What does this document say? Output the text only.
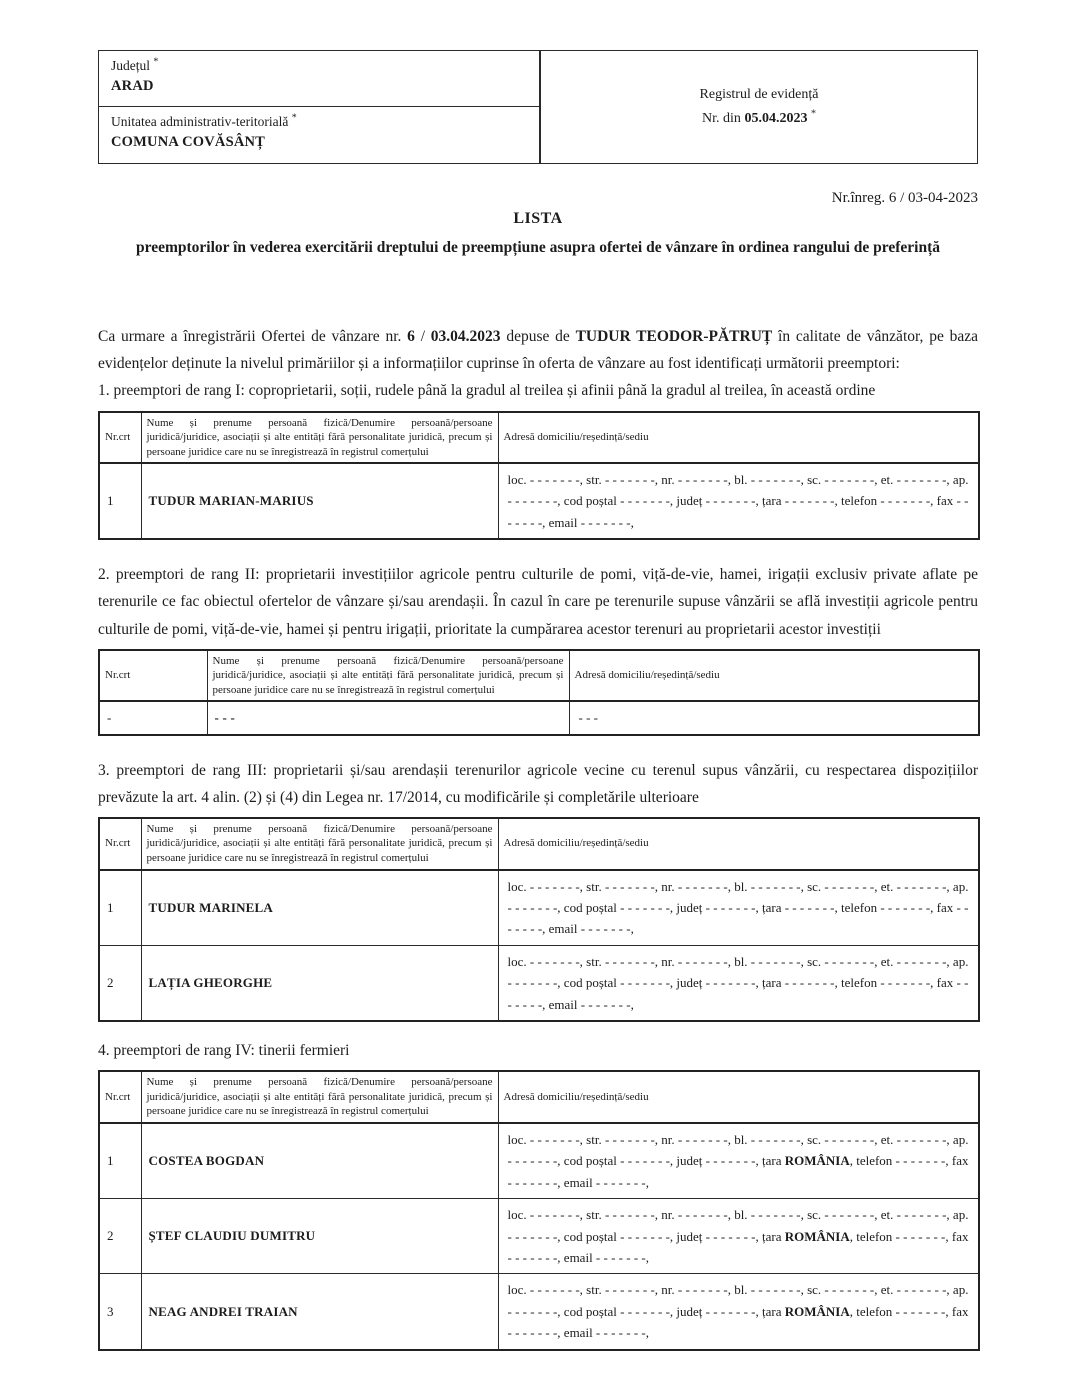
Județul *
ARAD
Registrul de evidență
Nr. din 05.04.2023 *
Unitatea administrativ-teritorială *
COMUNA COVĂSÂNȚ
Nr.înreg. 6 / 03-04-2023
LISTA
preemptorilor în vederea exercitării dreptului de preempțiune asupra ofertei de vânzare în ordinea rangului de preferință

Ca urmare a înregistrării Ofertei de vânzare nr. 6 / 03.04.2023 depuse de TUDUR TEODOR-PĂTRUȚ în calitate de vânzător, pe baza evidențelor deținute la nivelul primăriilor și a informațiilor cuprinse în oferta de vânzare au fost identificați următorii preemptori:

1. preemptori de rang I: coproprietarii, soții, rudele până la gradul al treilea și afinii până la gradul al treilea, în această ordine

Nr.crt	Nume și prenume persoană fizică/Denumire persoană/persoane juridică/juridice, asociații și alte entități fără personalitate juridică, precum și persoane juridice care nu se înregistrează în registrul comerțului	Adresă domiciliu/reședință/sediu
1	TUDUR MARIAN-MARIUS	loc. - - - - - - -, str. - - - - - - -, nr. - - - - - - -, bl. - - - - - - -, sc. - - - - - - -, et. - - - - - - -, ap. - - - - - - -, cod poștal - - - - - - -, județ - - - - - - -, țara - - - - - - -, telefon - - - - - - -, fax - - - - - - -, email - - - - - - -,

2. preemptori de rang II: proprietarii investițiilor agricole pentru culturile de pomi, viță-de-vie, hamei, irigații exclusiv private aflate pe terenurile ce fac obiectul ofertelor de vânzare și/sau arendașii. În cazul în care pe terenurile supuse vânzării se află investiții agricole pentru culturile de pomi, viță-de-vie, hamei și pentru irigații, prioritate la cumpărarea acestor terenuri au proprietarii acestor investiții

Nr.crt	Nume și prenume persoană fizică/Denumire persoană/persoane juridică/juridice, asociații și alte entități fără personalitate juridică, precum și persoane juridice care nu se înregistrează în registrul comerțului	Adresă domiciliu/reședință/sediu
-	- - -	- - -

3. preemptori de rang III: proprietarii și/sau arendașii terenurilor agricole vecine cu terenul supus vânzării, cu respectarea dispozițiilor prevăzute la art. 4 alin. (2) și (4) din Legea nr. 17/2014, cu modificările și completările ulterioare

Nr.crt	Nume și prenume persoană fizică/Denumire persoană/persoane juridică/juridice, asociații și alte entități fără personalitate juridică, precum și persoane juridice care nu se înregistrează în registrul comerțului	Adresă domiciliu/reședință/sediu
1	TUDUR MARINELA	loc. - - - - - - -, str. - - - - - - -, nr. - - - - - - -, bl. - - - - - - -, sc. - - - - - - -, et. - - - - - - -, ap. - - - - - - -, cod poștal - - - - - - -, județ - - - - - - -, țara - - - - - - -, telefon - - - - - - -, fax - - - - - - -, email - - - - - - -,
2	LAȚIA GHEORGHE	loc. - - - - - - -, str. - - - - - - -, nr. - - - - - - -, bl. - - - - - - -, sc. - - - - - - -, et. - - - - - - -, ap. - - - - - - -, cod poștal - - - - - - -, județ - - - - - - -, țara - - - - - - -, telefon - - - - - - -, fax - - - - - - -, email - - - - - - -,

4. preemptori de rang IV: tinerii fermieri

Nr.crt	Nume și prenume persoană fizică/Denumire persoană/persoane juridică/juridice, asociații și alte entități fără personalitate juridică, precum și persoane juridice care nu se înregistrează în registrul comerțului	Adresă domiciliu/reședință/sediu
1	COSTEA BOGDAN	loc. - - - - - - -, str. - - - - - - -, nr. - - - - - - -, bl. - - - - - - -, sc. - - - - - - -, et. - - - - - - -, ap. - - - - - - -, cod poștal - - - - - - -, județ - - - - - - -, țara ROMÂNIA, telefon - - - - - - -, fax - - - - - - -, email - - - - - - -,
2	ȘTEF CLAUDIU DUMITRU	loc. - - - - - - -, str. - - - - - - -, nr. - - - - - - -, bl. - - - - - - -, sc. - - - - - - -, et. - - - - - - -, ap. - - - - - - -, cod poștal - - - - - - -, județ - - - - - - -, țara ROMÂNIA, telefon - - - - - - -, fax - - - - - - -, email - - - - - - -,
3	NEAG ANDREI TRAIAN	loc. - - - - - - -, str. - - - - - - -, nr. - - - - - - -, bl. - - - - - - -, sc. - - - - - - -, et. - - - - - - -, ap. - - - - - - -, cod poștal - - - - - - -, județ - - - - - - -, țara ROMÂNIA, telefon - - - - - - -, fax - - - - - - -, email - - - - - - -,
